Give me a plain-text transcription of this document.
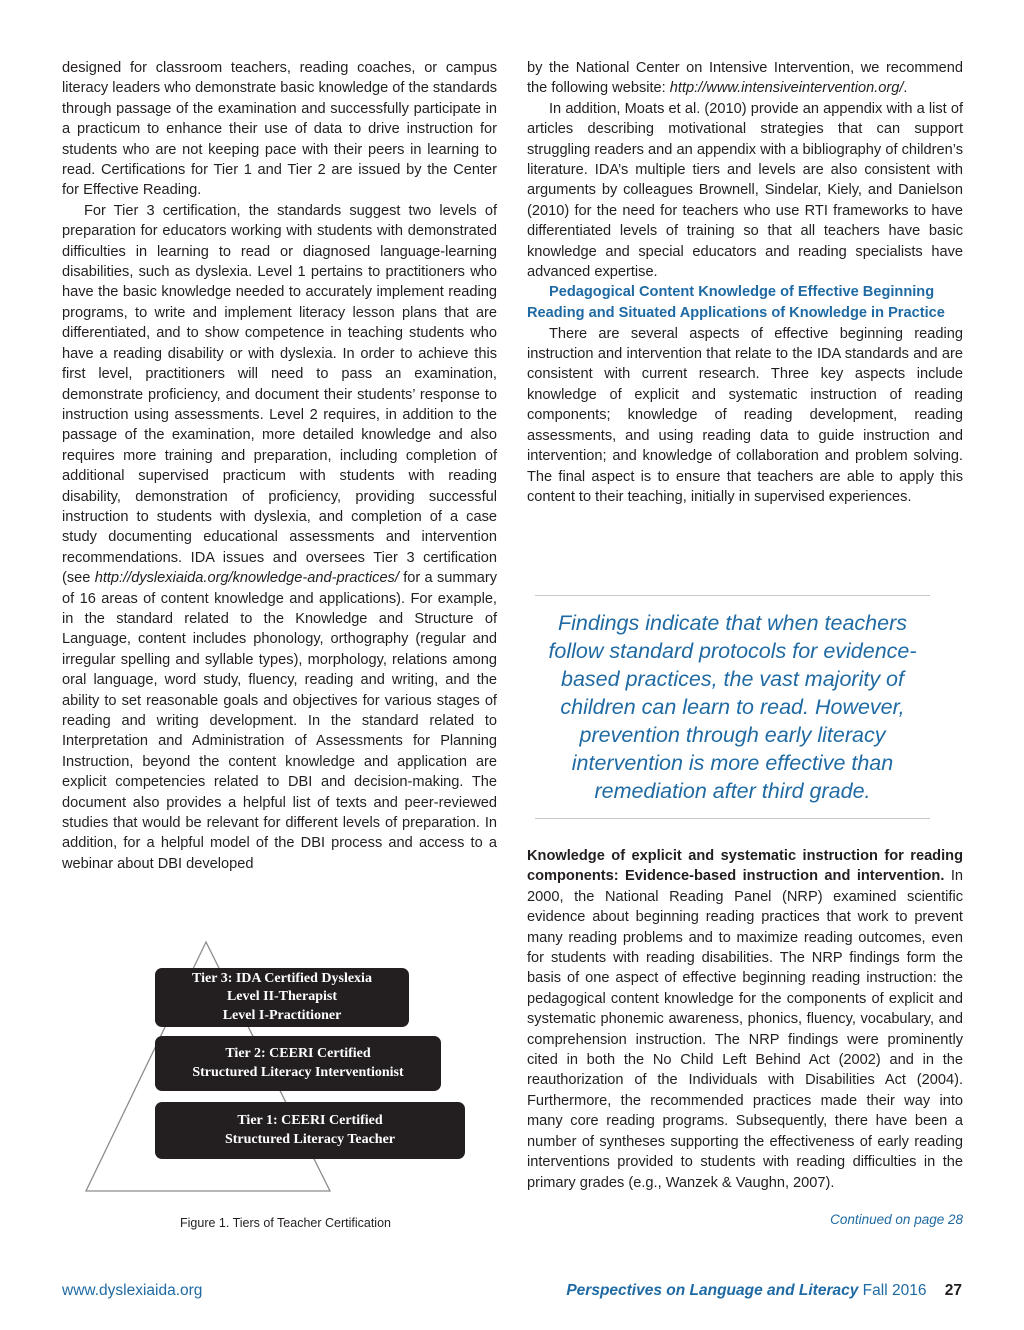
designed for classroom teachers, reading coaches, or campus literacy leaders who demonstrate basic knowledge of the standards through passage of the examination and successfully participate in a practicum to enhance their use of data to drive instruction for students who are not keeping pace with their peers in learning to read. Certifications for Tier 1 and Tier 2 are issued by the Center for Effective Reading.

For Tier 3 certification, the standards suggest two levels of preparation for educators working with students with demonstrated difficulties in learning to read or diagnosed language-learning disabilities, such as dyslexia. Level 1 pertains to practitioners who have the basic knowledge needed to accurately implement reading programs, to write and implement literacy lesson plans that are differentiated, and to show competence in teaching students who have a reading disability or with dyslexia. In order to achieve this first level, practitioners will need to pass an examination, demonstrate proficiency, and document their students’ response to instruction using assessments. Level 2 requires, in addition to the passage of the examination, more detailed knowledge and also requires more training and preparation, including completion of additional supervised practicum with students with reading disability, demonstration of proficiency, providing successful instruction to students with dyslexia, and completion of a case study documenting educational assessments and intervention recommendations. IDA issues and oversees Tier 3 certification (see http://dyslexiaida.org/knowledge-and-practices/ for a summary of 16 areas of content knowledge and applications). For example, in the standard related to the Knowledge and Structure of Language, content includes phonology, orthography (regular and irregular spelling and syllable types), morphology, relations among oral language, word study, fluency, reading and writing, and the ability to set reasonable goals and objectives for various stages of reading and writing development. In the standard related to Interpretation and Administration of Assessments for Planning Instruction, beyond the content knowledge and application are explicit competencies related to DBI and decision-making. The document also provides a helpful list of texts and peer-reviewed studies that would be relevant for different levels of preparation. In addition, for a helpful model of the DBI process and access to a webinar about DBI developed

by the National Center on Intensive Intervention, we recommend the following website: http://www.intensiveintervention.org/.

In addition, Moats et al. (2010) provide an appendix with a list of articles describing motivational strategies that can support struggling readers and an appendix with a bibliography of children’s literature. IDA’s multiple tiers and levels are also consistent with arguments by colleagues Brownell, Sindelar, Kiely, and Danielson (2010) for the need for teachers who use RTI frameworks to have differentiated levels of training so that all teachers have basic knowledge and special educators and reading specialists have advanced expertise.

Pedagogical Content Knowledge of Effective Beginning Reading and Situated Applications of Knowledge in Practice

There are several aspects of effective beginning reading instruction and intervention that relate to the IDA standards and are consistent with current research. Three key aspects include knowledge of explicit and systematic instruction of reading components; knowledge of reading development, reading assessments, and using reading data to guide instruction and intervention; and knowledge of collaboration and problem solving. The final aspect is to ensure that teachers are able to apply this content to their teaching, initially in supervised experiences.

Findings indicate that when teachers follow standard protocols for evidence-based practices, the vast majority of children can learn to read. However, prevention through early literacy intervention is more effective than remediation after third grade.

Knowledge of explicit and systematic instruction for reading components: Evidence-based instruction and intervention. In 2000, the National Reading Panel (NRP) examined scientific evidence about beginning reading practices that work to prevent many reading problems and to maximize reading outcomes, even for students with reading disabilities. The NRP findings form the basis of one aspect of effective beginning reading instruction: the pedagogical content knowledge for the components of explicit and systematic phonemic awareness, phonics, fluency, vocabulary, and comprehension instruction. The NRP findings were prominently cited in both the No Child Left Behind Act (2002) and in the reauthorization of the Individuals with Disabilities Act (2004). Furthermore, the recommended practices made their way into many core reading programs. Subsequently, there have been a number of syntheses supporting the effectiveness of early reading interventions provided to students with reading difficulties in the primary grades (e.g., Wanzek & Vaughn, 2007).

Continued on page 28
Tier 3: IDA Certified Dyslexia
Level II-Therapist
Level I-Practitioner
Tier 2: CEERI Certified
Structured Literacy Interventionist
Tier 1: CEERI Certified
Structured Literacy Teacher
Figure 1. Tiers of Teacher Certification
www.dyslexiaida.org	Perspectives on Language and Literacy Fall 2016 27
